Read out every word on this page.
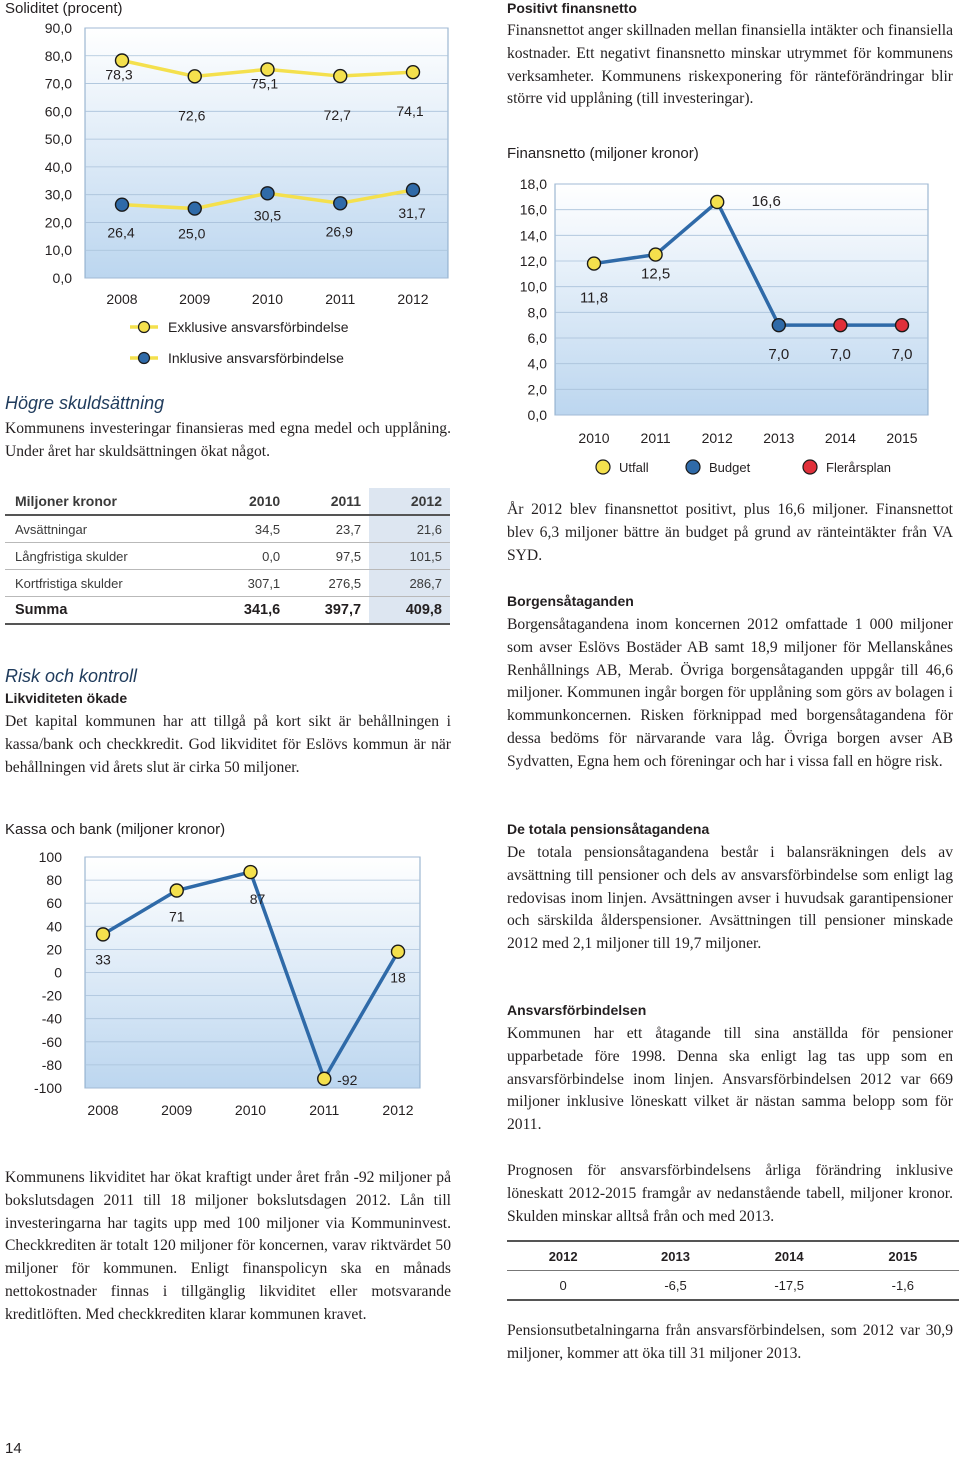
Soliditet (procent)
90,0
80,0
70,0
60,0
50,0
40,0
30,0
20,0
10,0
0,0
2008	2009	2010	2011	2012
78,3
72,6
75,1
72,7	74,1
26,4	25,0
30,5
26,9
31,7
Exklusive ansvarsförbindelse
Inklusive ansvarsförbindelse
Högre skuldsättning

Kommunens investeringar finansieras med egna medel och upplåning. Under året har skuldsättningen ökat något.

Miljoner kronor	2010	2011	2012
Avsättningar	34,5	23,7	21,6
Långfristiga skulder	0,0	97,5	101,5
Kortfristiga skulder	307,1	276,5	286,7
Summa	341,6	397,7	409,8
Risk och kontroll
Likviditeten ökade

Det kapital kommunen har att tillgå på kort sikt är behållningen i kassa/bank och checkkredit. God likviditet för Eslövs kommun är när behållningen vid årets slut är cirka 50 miljoner.

Kassa och bank (miljoner kronor)
100
80
60
40
20
0
-20
-40
-60
-80
-100
2008	2009	2010	2011	2012
33
71
87
-92
18

Kommunens likviditet har ökat kraftigt under året från -92 miljoner på bokslutsdagen 2011 till 18 miljoner bokslutsdagen 2012. Lån till investeringarna har tagits upp med 100 miljoner via Kommuninvest. Checkkrediten är totalt 120 miljoner för koncernen, varav riktvärdet 50 miljoner för kommunen. Enligt finanspolicyn ska en månads nettokostnader finnas i tillgänglig likviditet eller motsvarande kreditlöften. Med checkkrediten klarar kommunen kravet.

14
Positivt finansnetto

Finansnettot anger skillnaden mellan finansiella intäkter och finansiella kostnader. Ett negativt finansnetto minskar utrymmet för kommunens verksamheter. Kommunens riskexponering för ränteförändringar blir större vid upplåning (till investeringar).

Finansnetto (miljoner kronor)
18,0
16,0
14,0
12,0
10,0
8,0
6,0
4,0
2,0
0,0
2010 2011 2012 2013 2014 2015
11,8
12,5
16,6
7,0	7,0	7,0
Utfall	Budget	Flerårsplan

År 2012 blev finansnettot positivt, plus 16,6 miljoner. Finansnettot blev 6,3 miljoner bättre än budget på grund av ränteintäkter från VA SYD.

Borgensåtaganden

Borgensåtagandena inom koncernen 2012 omfattade 1 000 miljoner som avser Eslövs Bostäder AB samt 18,9 miljoner för Mellanskånes Renhållnings AB, Merab. Övriga borgensåtaganden uppgår till 46,6 miljoner. Kommunen ingår borgen för upplåning som görs av bolagen i kommunkoncernen. Risken förknippad med borgensåtagandena för dessa bedöms för närvarande vara låg. Övriga borgen avser AB Sydvatten, Egna hem och föreningar och har i vissa fall en högre risk.

De totala pensionsåtagandena

De totala pensionsåtagandena består i balansräkningen dels av avsättning till pensioner och dels av ansvarsförbindelse som enligt lag redovisas inom linjen. Avsättningen avser i huvudsak garantipensioner och särskilda ålderspensioner. Avsättningen till pensioner minskade 2012 med 2,1 miljoner till 19,7 miljoner.

Ansvarsförbindelsen

Kommunen har ett åtagande till sina anställda för pensioner upparbetade före 1998. Denna ska enligt lag tas upp som en ansvarsförbindelse inom linjen. Ansvarsförbindelsen 2012 var 669 miljoner inklusive löneskatt vilket är nästan samma belopp som för 2011.

Prognosen för ansvarsförbindelsens årliga förändring inklusive löneskatt 2012-2015 framgår av nedanstående tabell, miljoner kronor. Skulden minskar alltså från och med 2013.

2012	2013	2014	2015
0	-6,5	-17,5	-1,6

Pensionsutbetalningarna från ansvarsförbindelsen, som 2012 var 30,9 miljoner, kommer att öka till 31 miljoner 2013.
